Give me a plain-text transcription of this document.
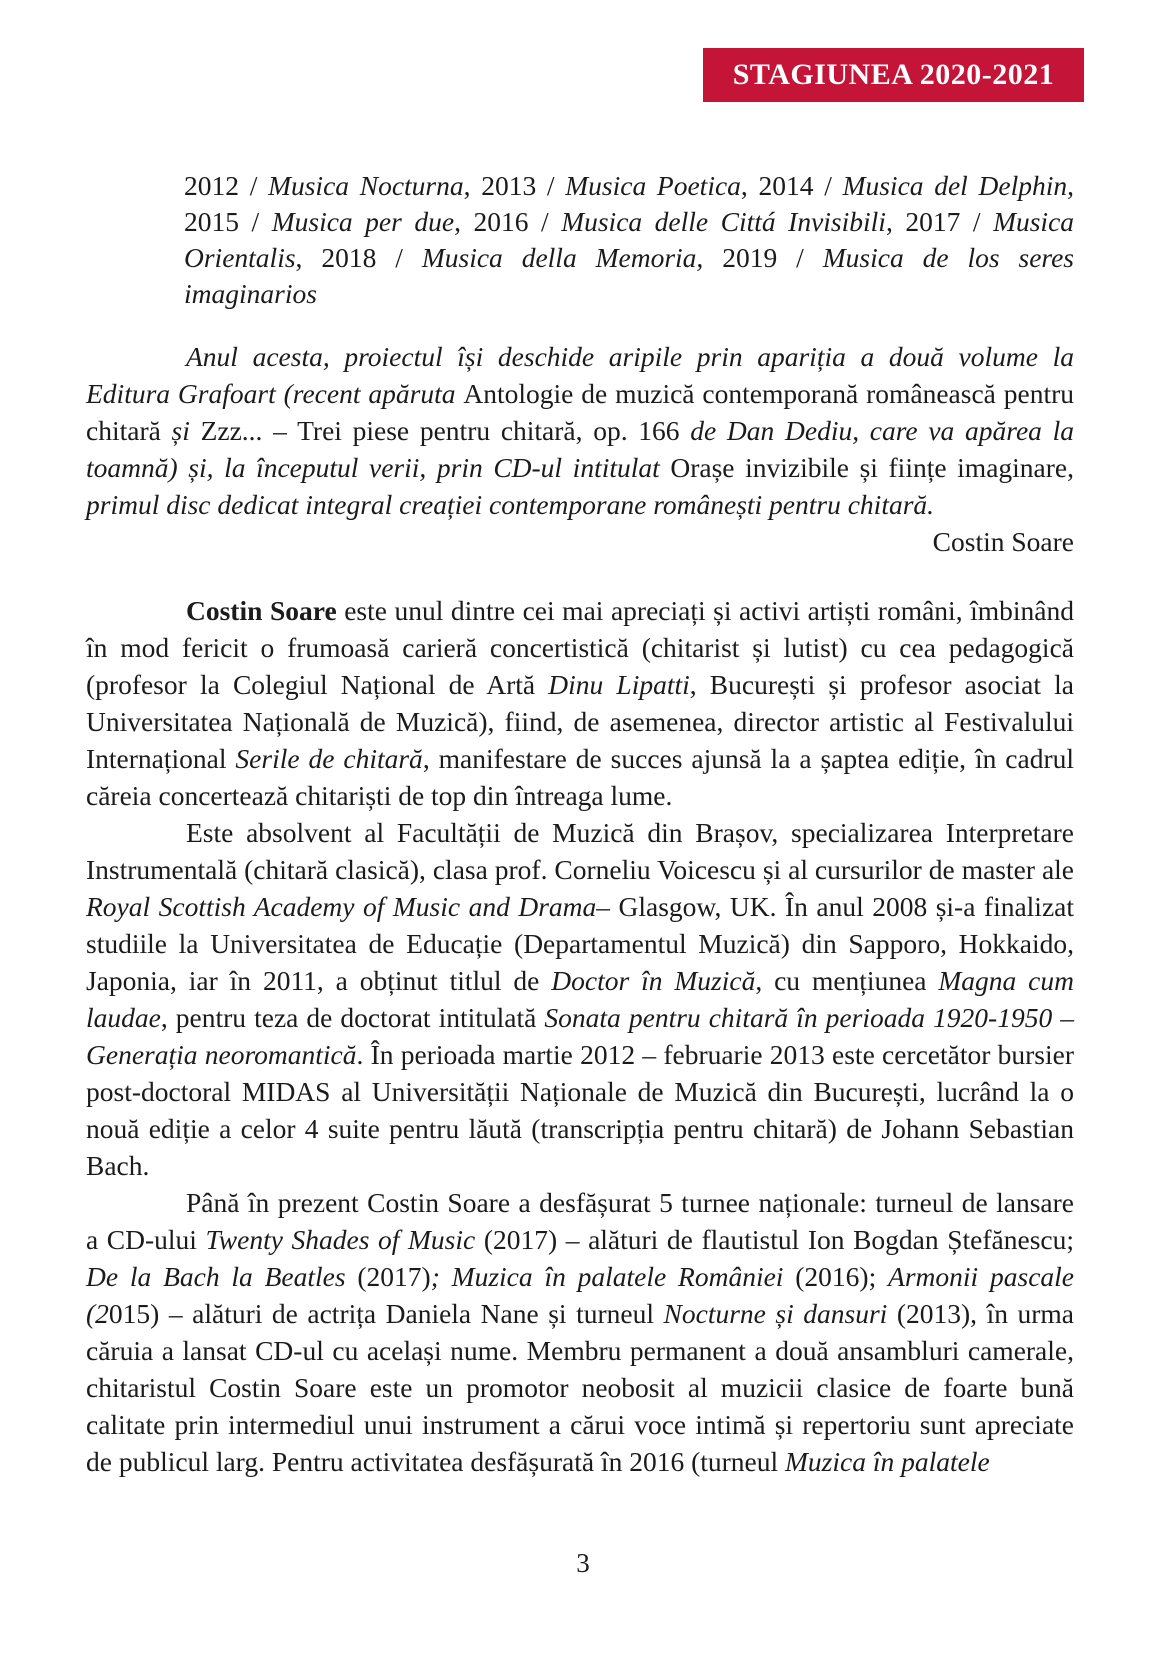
STAGIUNEA 2020-2021

2012 / Musica Nocturna, 2013 / Musica Poetica, 2014 / Musica del Delphin, 2015 / Musica per due, 2016 / Musica delle Cittá Invisibili, 2017 / Musica Orientalis, 2018 / Musica della Memoria, 2019 / Musica de los seres imaginarios

Anul acesta, proiectul își deschide aripile prin apariția a două volume la Editura Grafoart (recent apăruta Antologie de muzică contemporană românească pentru chitară și Zzz... – Trei piese pentru chitară, op. 166 de Dan Dediu, care va apărea la toamnă) și, la începutul verii, prin CD-ul intitulat Orașe invizibile și ființe imaginare, primul disc dedicat integral creației contemporane românești pentru chitară.

Costin Soare

Costin Soare este unul dintre cei mai apreciați și activi artiști români, îmbinând în mod fericit o frumoasă carieră concertistică (chitarist și lutist) cu cea pedagogică (profesor la Colegiul Național de Artă Dinu Lipatti, București și profesor asociat la Universitatea Națională de Muzică), fiind, de asemenea, director artistic al Festivalului Internațional Serile de chitară, manifestare de succes ajunsă la a șaptea ediție, în cadrul căreia concertează chitariști de top din întreaga lume.

Este absolvent al Facultății de Muzică din Brașov, specializarea Interpretare Instrumentală (chitară clasică), clasa prof. Corneliu Voicescu și al cursurilor de master ale Royal Scottish Academy of Music and Drama– Glasgow, UK. În anul 2008 și-a finalizat studiile la Universitatea de Educație (Departamentul Muzică) din Sapporo, Hokkaido, Japonia, iar în 2011, a obținut titlul de Doctor în Muzică, cu mențiunea Magna cum laudae, pentru teza de doctorat intitulată Sonata pentru chitară în perioada 1920-1950 – Generația neoromantică. În perioada martie 2012 – februarie 2013 este cercetător bursier post-doctoral MIDAS al Universității Naționale de Muzică din București, lucrând la o nouă ediție a celor 4 suite pentru lăută (transcripția pentru chitară) de Johann Sebastian Bach.

Până în prezent Costin Soare a desfășurat 5 turnee naționale: turneul de lansare a CD-ului Twenty Shades of Music (2017) – alături de flautistul Ion Bogdan Ștefănescu; De la Bach la Beatles (2017); Muzica în palatele României (2016); Armonii pascale (2015) – alături de actrița Daniela Nane și turneul Nocturne și dansuri (2013), în urma căruia a lansat CD-ul cu același nume. Membru permanent a două ansambluri camerale, chitaristul Costin Soare este un promotor neobosit al muzicii clasice de foarte bună calitate prin intermediul unui instrument a cărui voce intimă și repertoriu sunt apreciate de publicul larg. Pentru activitatea desfășurată în 2016 (turneul Muzica în palatele

3
